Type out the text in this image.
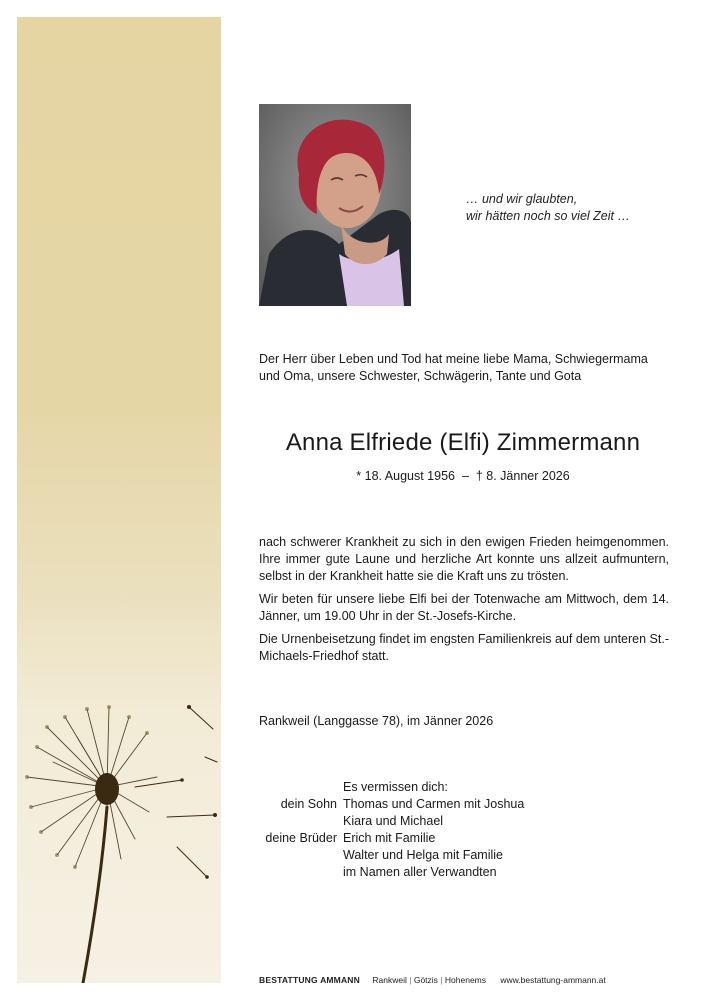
… und wir glaubten,
wir hätten noch so viel Zeit …

Der Herr über Leben und Tod hat meine liebe Mama, Schwiegermama und Oma, unsere Schwester, Schwägerin, Tante und Gota

Anna Elfriede (Elfi) Zimmermann
* 18. August 1956 – † 8. Jänner 2026

nach schwerer Krankheit zu sich in den ewigen Frieden heimgenommen. Ihre immer gute Laune und herzliche Art konnte uns allzeit aufmuntern, selbst in der Krankheit hatte sie die Kraft uns zu trösten.

Wir beten für unsere liebe Elfi bei der Totenwache am Mittwoch, dem 14. Jänner, um 19.00 Uhr in der St.-Josefs-Kirche.

Die Urnenbeisetzung findet im engsten Familienkreis auf dem unteren St.-Michaels-Friedhof statt.

Rankweil (Langgasse 78), im Jänner 2026
Es vermissen dich:
dein Sohn Thomas und Carmen mit Joshua
Kiara und Michael
deine Brüder Erich mit Familie
Walter und Helga mit Familie
im Namen aller Verwandten
BESTATTUNG AMMANN Rankweil | Götzis | Hohenems www.bestattung-ammann.at
